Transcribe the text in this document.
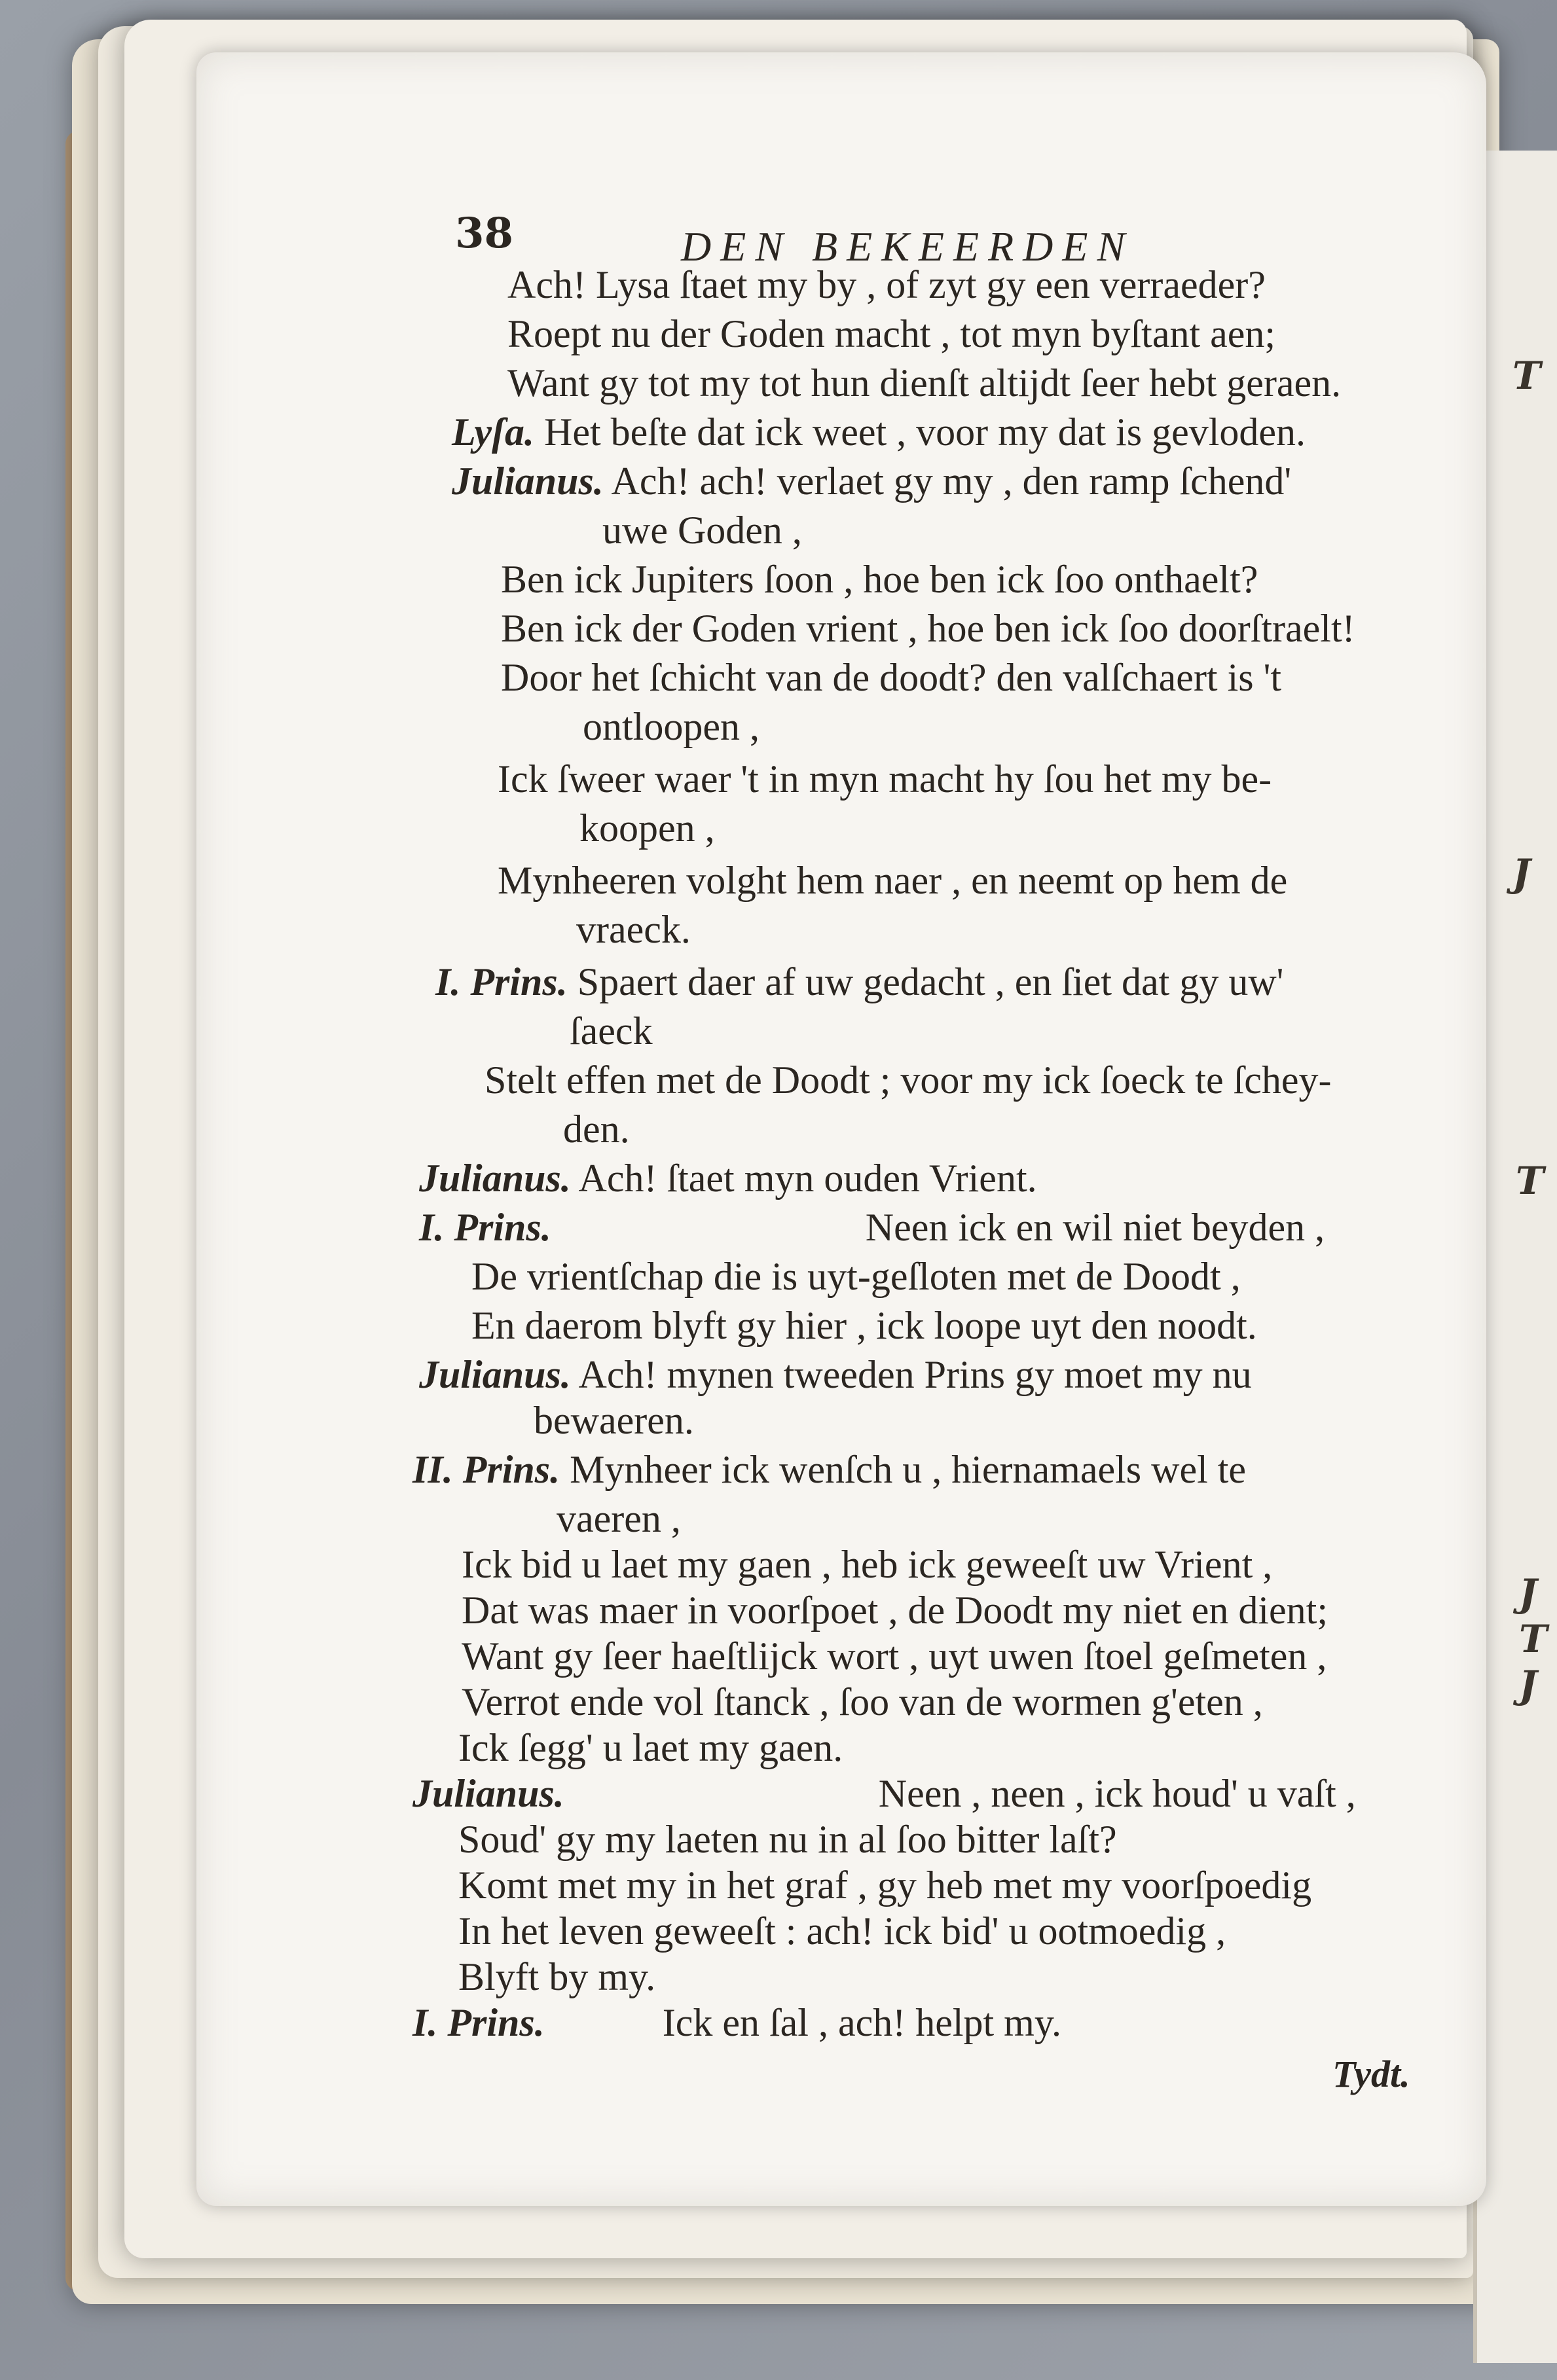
38	DEN BEKEERDEN
Ach! Lysa ſtaet my by , of zyt gy een verraeder?
Roept nu der Goden macht , tot myn byſtant aen;
Want gy tot my tot hun dienſt altijdt ſeer hebt geraen.
Lyſa. Het beſte dat ick weet , voor my dat is gevloden.
Julianus. Ach! ach! verlaet gy my , den ramp ſchend'
uwe Goden ,
Ben ick Jupiters ſoon , hoe ben ick ſoo onthaelt?
Ben ick der Goden vrient , hoe ben ick ſoo doorſtraelt!
Door het ſchicht van de doodt? den valſchaert is 't
ontloopen ,
Ick ſweer waer 't in myn macht hy ſou het my be-
koopen ,
Mynheeren volght hem naer , en neemt op hem de
vraeck.
I. Prins. Spaert daer af uw gedacht , en ſiet dat gy uw'
ſaeck
Stelt effen met de Doodt ; voor my ick ſoeck te ſchey-
den.
Julianus. Ach! ſtaet myn ouden Vrient.
I. Prins.	Neen ick en wil niet beyden ,
De vrientſchap die is uyt-geſloten met de Doodt ,
En daerom blyft gy hier , ick loope uyt den noodt.
Julianus. Ach! mynen tweeden Prins gy moet my nu
bewaeren.
II. Prins. Mynheer ick wenſch u , hiernamaels wel te
vaeren ,
Ick bid u laet my gaen , heb ick geweeſt uw Vrient ,
Dat was maer in voorſpoet , de Doodt my niet en dient;
Want gy ſeer haeſtlijck wort , uyt uwen ſtoel geſmeten ,
Verrot ende vol ſtanck , ſoo van de wormen g'eten ,
Ick ſegg' u laet my gaen.
Julianus.	Neen , neen , ick houd' u vaſt ,
Soud' gy my laeten nu in al ſoo bitter laſt?
Komt met my in het graf , gy heb met my voorſpoedig
In het leven geweeſt : ach! ick bid' u ootmoedig ,
Blyft by my.
I. Prins.	Ick en ſal , ach! helpt my.
Tydt.
T
J
T
J
T
J
